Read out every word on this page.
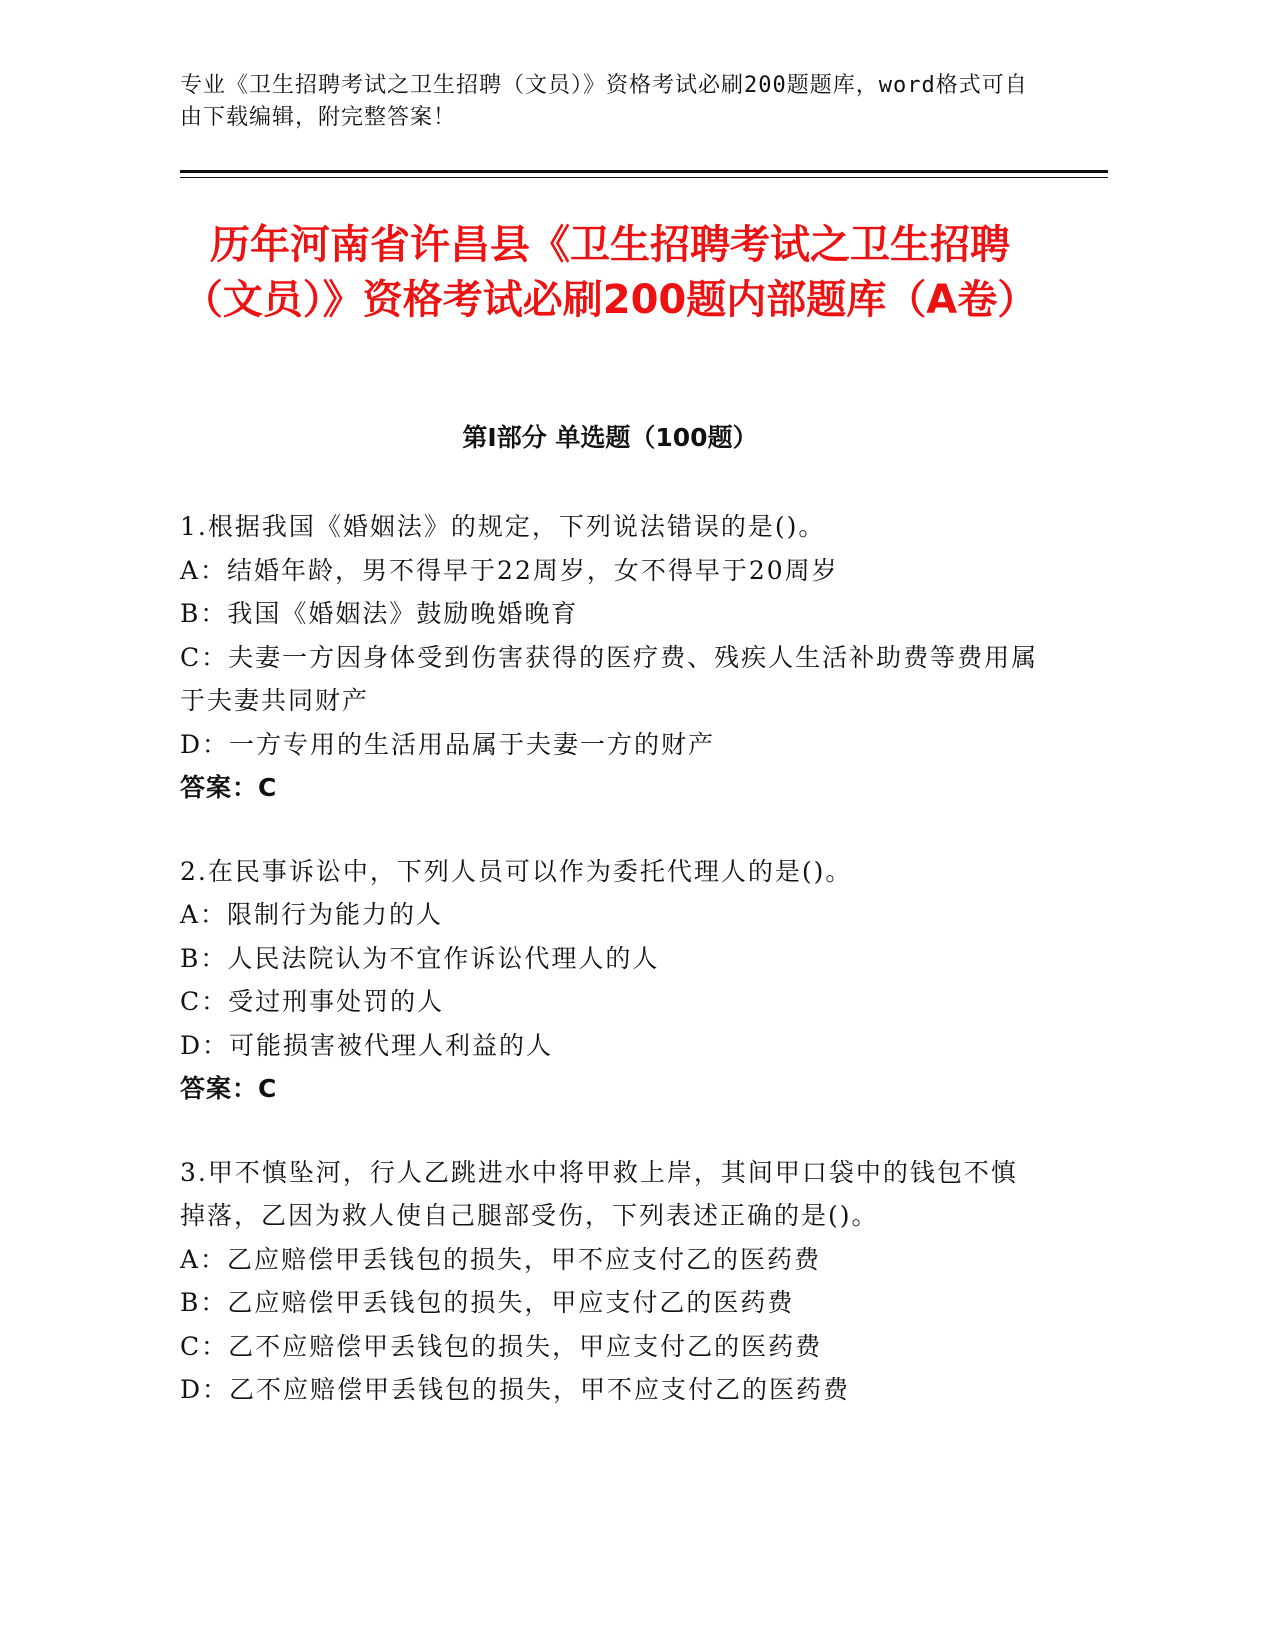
专业《卫生招聘考试之卫生招聘（文员）》资格考试必刷200题题库，word格式可自由下载编辑，附完整答案！
历年河南省许昌县《卫生招聘考试之卫生招聘（文员）》资格考试必刷200题内部题库（A卷）
第I部分 单选题（100题）
1.根据我国《婚姻法》的规定，下列说法错误的是()。
A：结婚年龄，男不得早于22周岁，女不得早于20周岁
B：我国《婚姻法》鼓励晚婚晚育
C：夫妻一方因身体受到伤害获得的医疗费、残疾人生活补助费等费用属于夫妻共同财产
D：一方专用的生活用品属于夫妻一方的财产
答案：C
2.在民事诉讼中，下列人员可以作为委托代理人的是()。
A：限制行为能力的人
B：人民法院认为不宜作诉讼代理人的人
C：受过刑事处罚的人
D：可能损害被代理人利益的人
答案：C
3.甲不慎坠河，行人乙跳进水中将甲救上岸，其间甲口袋中的钱包不慎掉落，乙因为救人使自己腿部受伤，下列表述正确的是()。
A：乙应赔偿甲丢钱包的损失，甲不应支付乙的医药费
B：乙应赔偿甲丢钱包的损失，甲应支付乙的医药费
C：乙不应赔偿甲丢钱包的损失，甲应支付乙的医药费
D：乙不应赔偿甲丢钱包的损失，甲不应支付乙的医药费
